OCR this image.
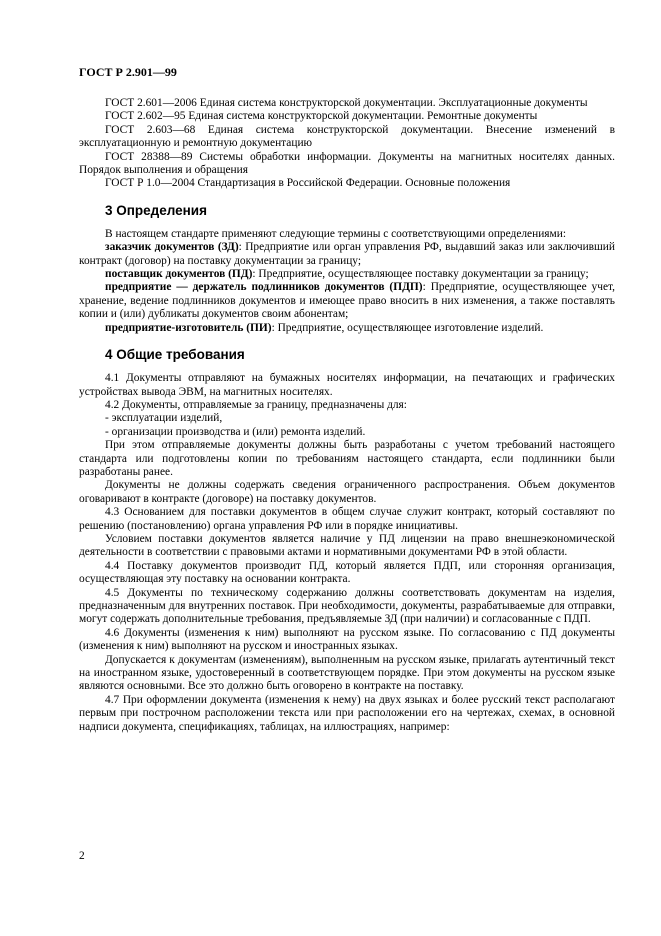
ГОСТ Р 2.901—99

ГОСТ 2.601—2006 Единая система конструкторской документации. Эксплуатационные документы

ГОСТ 2.602—95 Единая система конструкторской документации. Ремонтные документы

ГОСТ 2.603—68 Единая система конструкторской документации. Внесение изменений в эксплуатационную и ремонтную документацию

ГОСТ 28388—89 Системы обработки информации. Документы на магнитных носителях данных. Порядок выполнения и обращения

ГОСТ Р 1.0—2004 Стандартизация в Российской Федерации. Основные положения

3 Определения

В настоящем стандарте применяют следующие термины с соответствующими определениями:

заказчик документов (ЗД): Предприятие или орган управления РФ, выдавший заказ или заключивший контракт (договор) на поставку документации за границу;

поставщик документов (ПД): Предприятие, осуществляющее поставку документации за границу;

предприятие — держатель подлинников документов (ПДП): Предприятие, осуществляющее учет, хранение, ведение подлинников документов и имеющее право вносить в них изменения, а также поставлять копии и (или) дубликаты документов своим абонентам;

предприятие-изготовитель (ПИ): Предприятие, осуществляющее изготовление изделий.

4 Общие требования

4.1 Документы отправляют на бумажных носителях информации, на печатающих и графических устройствах вывода ЭВМ, на магнитных носителях.

4.2 Документы, отправляемые за границу, предназначены для:

- эксплуатации изделий,

- организации производства и (или) ремонта изделий.

При этом отправляемые документы должны быть разработаны с учетом требований настоящего стандарта или подготовлены копии по требованиям настоящего стандарта, если подлинники были разработаны ранее.

Документы не должны содержать сведения ограниченного распространения. Объем документов оговаривают в контракте (договоре) на поставку документов.

4.3 Основанием для поставки документов в общем случае служит контракт, который составляют по решению (постановлению) органа управления РФ или в порядке инициативы.

Условием поставки документов является наличие у ПД лицензии на право внешнеэкономической деятельности в соответствии с правовыми актами и нормативными документами РФ в этой области.

4.4 Поставку документов производит ПД, который является ПДП, или сторонняя организация, осуществляющая эту поставку на основании контракта.

4.5 Документы по техническому содержанию должны соответствовать документам на изделия, предназначенным для внутренних поставок. При необходимости, документы, разрабатываемые для отправки, могут содержать дополнительные требования, предъявляемые ЗД (при наличии) и согласованные с ПДП.

4.6 Документы (изменения к ним) выполняют на русском языке. По согласованию с ПД документы (изменения к ним) выполняют на русском и иностранных языках.

Допускается к документам (изменениям), выполненным на русском языке, прилагать аутентичный текст на иностранном языке, удостоверенный в соответствующем порядке. При этом документы на русском языке являются основными. Все это должно быть оговорено в контракте на поставку.

4.7 При оформлении документа (изменения к нему) на двух языках и более русский текст располагают первым при построчном расположении текста или при расположении его на чертежах, схемах, в основной надписи документа, спецификациях, таблицах, на иллюстрациях, например:

2
